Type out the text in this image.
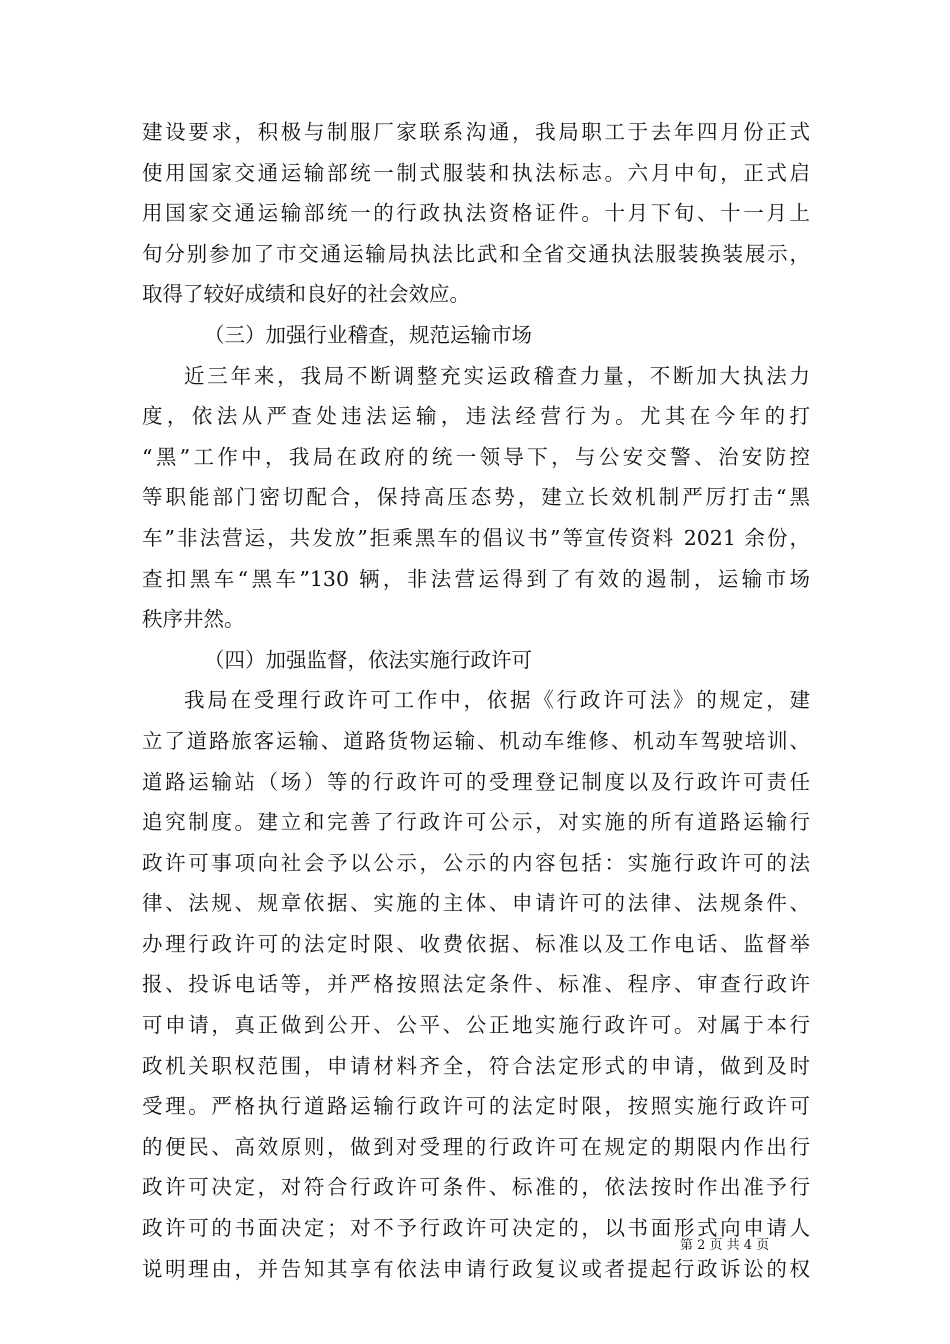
建设要求，积极与制服厂家联系沟通，我局职工于去年四月份正式
使用国家交通运输部统一制式服装和执法标志。六月中旬，正式启
用国家交通运输部统一的行政执法资格证件。十月下旬、十一月上
旬分别参加了市交通运输局执法比武和全省交通执法服装换装展示，
取得了较好成绩和良好的社会效应。
（三）加强行业稽查，规范运输市场
近三年来，我局不断调整充实运政稽查力量，不断加大执法力
度，依法从严查处违法运输，违法经营行为。尤其在今年的打
“黑”工作中，我局在政府的统一领导下，与公安交警、治安防控
等职能部门密切配合，保持高压态势，建立长效机制严厉打击“黑
车”非法营运，共发放”拒乘黑车的倡议书”等宣传资料 2021 余份，
查扣黑车“黑车”130 辆，非法营运得到了有效的遏制，运输市场
秩序井然。
（四）加强监督，依法实施行政许可
我局在受理行政许可工作中，依据《行政许可法》的规定，建
立了道路旅客运输、道路货物运输、机动车维修、机动车驾驶培训、
道路运输站（场）等的行政许可的受理登记制度以及行政许可责任
追究制度。建立和完善了行政许可公示，对实施的所有道路运输行
政许可事项向社会予以公示，公示的内容包括：实施行政许可的法
律、法规、规章依据、实施的主体、申请许可的法律、法规条件、
办理行政许可的法定时限、收费依据、标准以及工作电话、监督举
报、投诉电话等，并严格按照法定条件、标准、程序、审查行政许
可申请，真正做到公开、公平、公正地实施行政许可。对属于本行
政机关职权范围，申请材料齐全，符合法定形式的申请，做到及时
受理。严格执行道路运输行政许可的法定时限，按照实施行政许可
的便民、高效原则，做到对受理的行政许可在规定的期限内作出行
政许可决定，对符合行政许可条件、标准的，依法按时作出准予行
政许可的书面决定；对不予行政许可决定的，以书面形式向申请人
说明理由，并告知其享有依法申请行政复议或者提起行政诉讼的权
第 2 页 共 4 页
